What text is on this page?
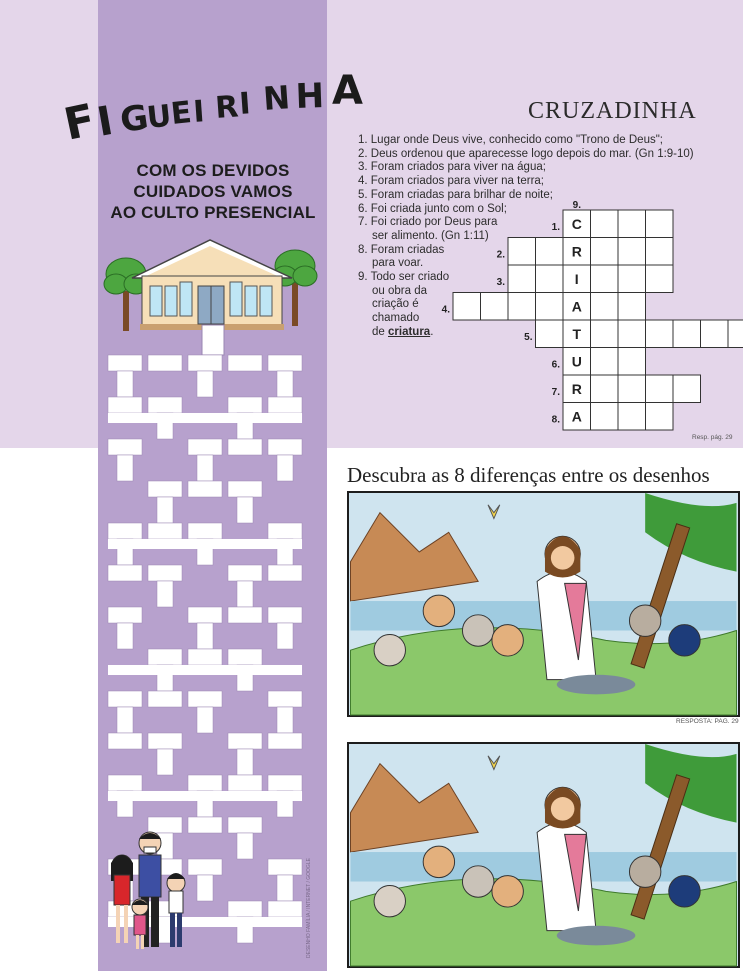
F
I G
U
E
I R
I N H A
COM OS DEVIDOS
CUIDADOS VAMOS
AO CULTO PRESENCIAL
DESENHO FAMÍLIA / INTERNET / GOOGLE
CRUZADINHA
1. Lugar onde Deus vive, conhecido como "Trono de Deus";
2. Deus ordenou que aparecesse logo depois do mar. (Gn 1:9-10)
3. Foram criados para viver na água;
4. Foram criados para viver na terra;
5. Foram criadas para brilhar de noite;
6. Foi criada junto com o Sol;
7. Foi criado por Deus para
ser alimento. (Gn 1:11)
8. Foram criadas
para voar.
9. Todo ser criado
ou obra da
criação é
chamado
de criatura.
C
R
I
A
T
U
R
A
1.
2.
3.
4.
5.
6.
7.
8.
9.
Resp. pág. 29
Descubra as 8 diferenças entre os desenhos
RESPOSTA: PAG. 29
